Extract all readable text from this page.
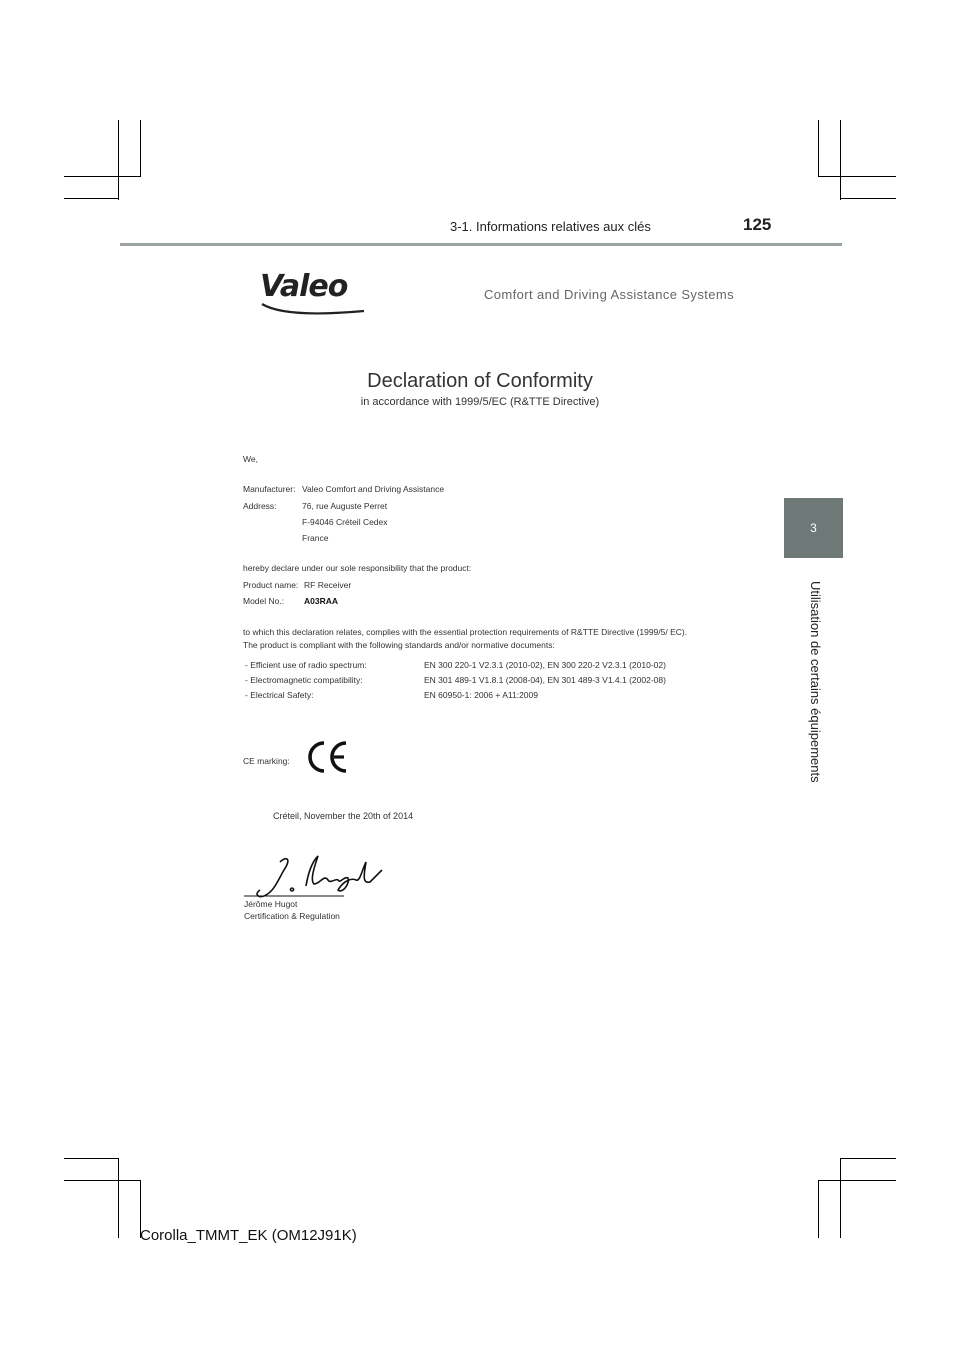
3-1. Informations relatives aux clés	125
3
Utilisation de certains équipements
Valeo	Comfort and Driving Assistance Systems
Declaration of Conformity
in accordance with 1999/5/EC (R&TTE Directive)
We,
Manufacturer: Valeo Comfort and Driving Assistance
Address:	76, rue Auguste Perret
F-94046 Créteil Cedex
France
hereby declare under our sole responsibility that the product:
Product name: RF Receiver
Model No.: A03RAA
to which this declaration relates, complies with the essential protection requirements of R&TTE Directive (1999/5/ EC).
The product is compliant with the following standards and/or normative documents:
- Efficient use of radio spectrum:	EN 300 220-1 V2.3.1 (2010-02), EN 300 220-2 V2.3.1 (2010-02)
- Electromagnetic compatibility:	EN 301 489-1 V1.8.1 (2008-04), EN 301 489-3 V1.4.1 (2002-08)
- Electrical Safety:	EN 60950-1: 2006 + A11:2009
CE marking:
Créteil, November the 20th of 2014
Jérôme Hugot
Certification & Regulation
Corolla_TMMT_EK (OM12J91K)
